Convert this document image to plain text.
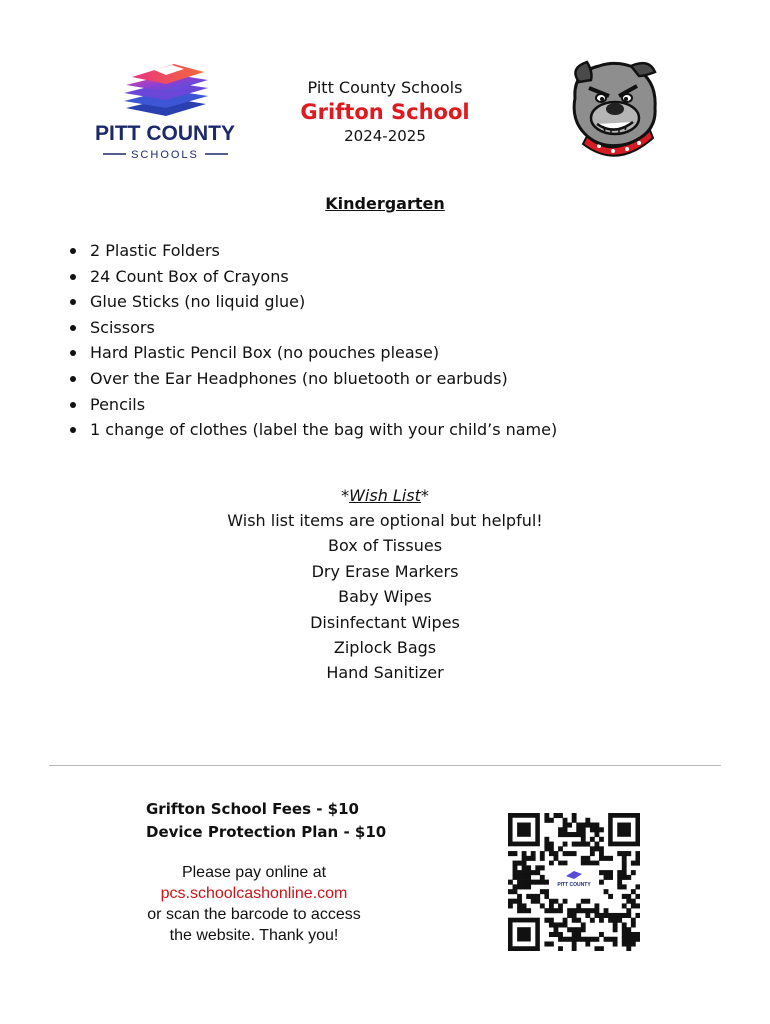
PITT COUNTY
SCHOOLS
Pitt County Schools
Grifton School
2024-2025
Kindergarten
2 Plastic Folders
24 Count Box of Crayons
Glue Sticks (no liquid glue)
Scissors
Hard Plastic Pencil Box (no pouches please)
Over the Ear Headphones (no bluetooth or earbuds)
Pencils
1 change of clothes (label the bag with your child’s name)
*Wish List*
Wish list items are optional but helpful!
Box of Tissues
Dry Erase Markers
Baby Wipes
Disinfectant Wipes
Ziplock Bags
Hand Sanitizer
Grifton School Fees - $10
Device Protection Plan - $10
Please pay online at
pcs.schoolcashonline.com
or scan the barcode to access
the website. Thank you!
PITT COUNTY
